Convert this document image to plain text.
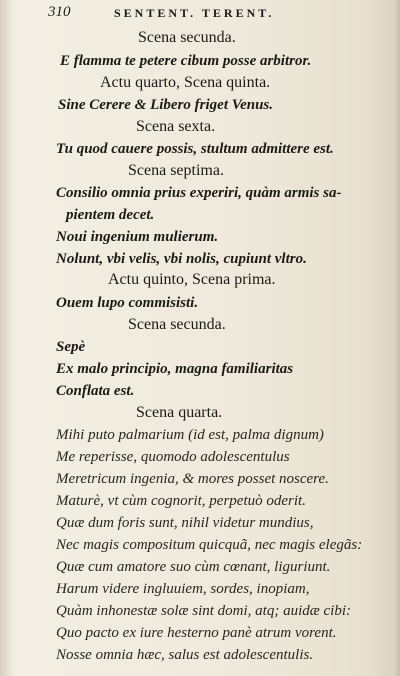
310	SENTENT. TERENT.
Scena secunda.
E flamma te petere cibum posse arbitror.
Actu quarto, Scena quinta.
Sine Cerere & Libero friget Venus.
Scena sexta.
Tu quod cauere possis, stultum admittere est.
Scena septima.
Consilio omnia prius experiri, quàm armis sa-
pientem decet.
Noui ingenium mulierum.
Nolunt, vbi velis, vbi nolis, cupiunt vltro.
Actu quinto, Scena prima.
Ouem lupo commisisti.
Scena secunda.
Sepè
Ex malo principio, magna familiaritas
Conflata est.
Scena quarta.
Mihi puto palmarium (id est, palma dignum)
Me reperisse, quomodo adolescentulus
Meretricum ingenia, & mores posset noscere.
Maturè, vt cùm cognorit, perpetuò oderit.
Quæ dum foris sunt, nihil videtur mundius,
Nec magis compositum quicquã, nec magis elegãs:
Quæ cum amatore suo cùm cœnant, liguriunt.
Harum videre ingluuiem, sordes, inopiam,
Quàm inhonestæ solæ sint domi, atq; auidæ cibi:
Quo pacto ex iure hesterno panè atrum vorent.
Nosse omnia hæc, salus est adolescentulis.
